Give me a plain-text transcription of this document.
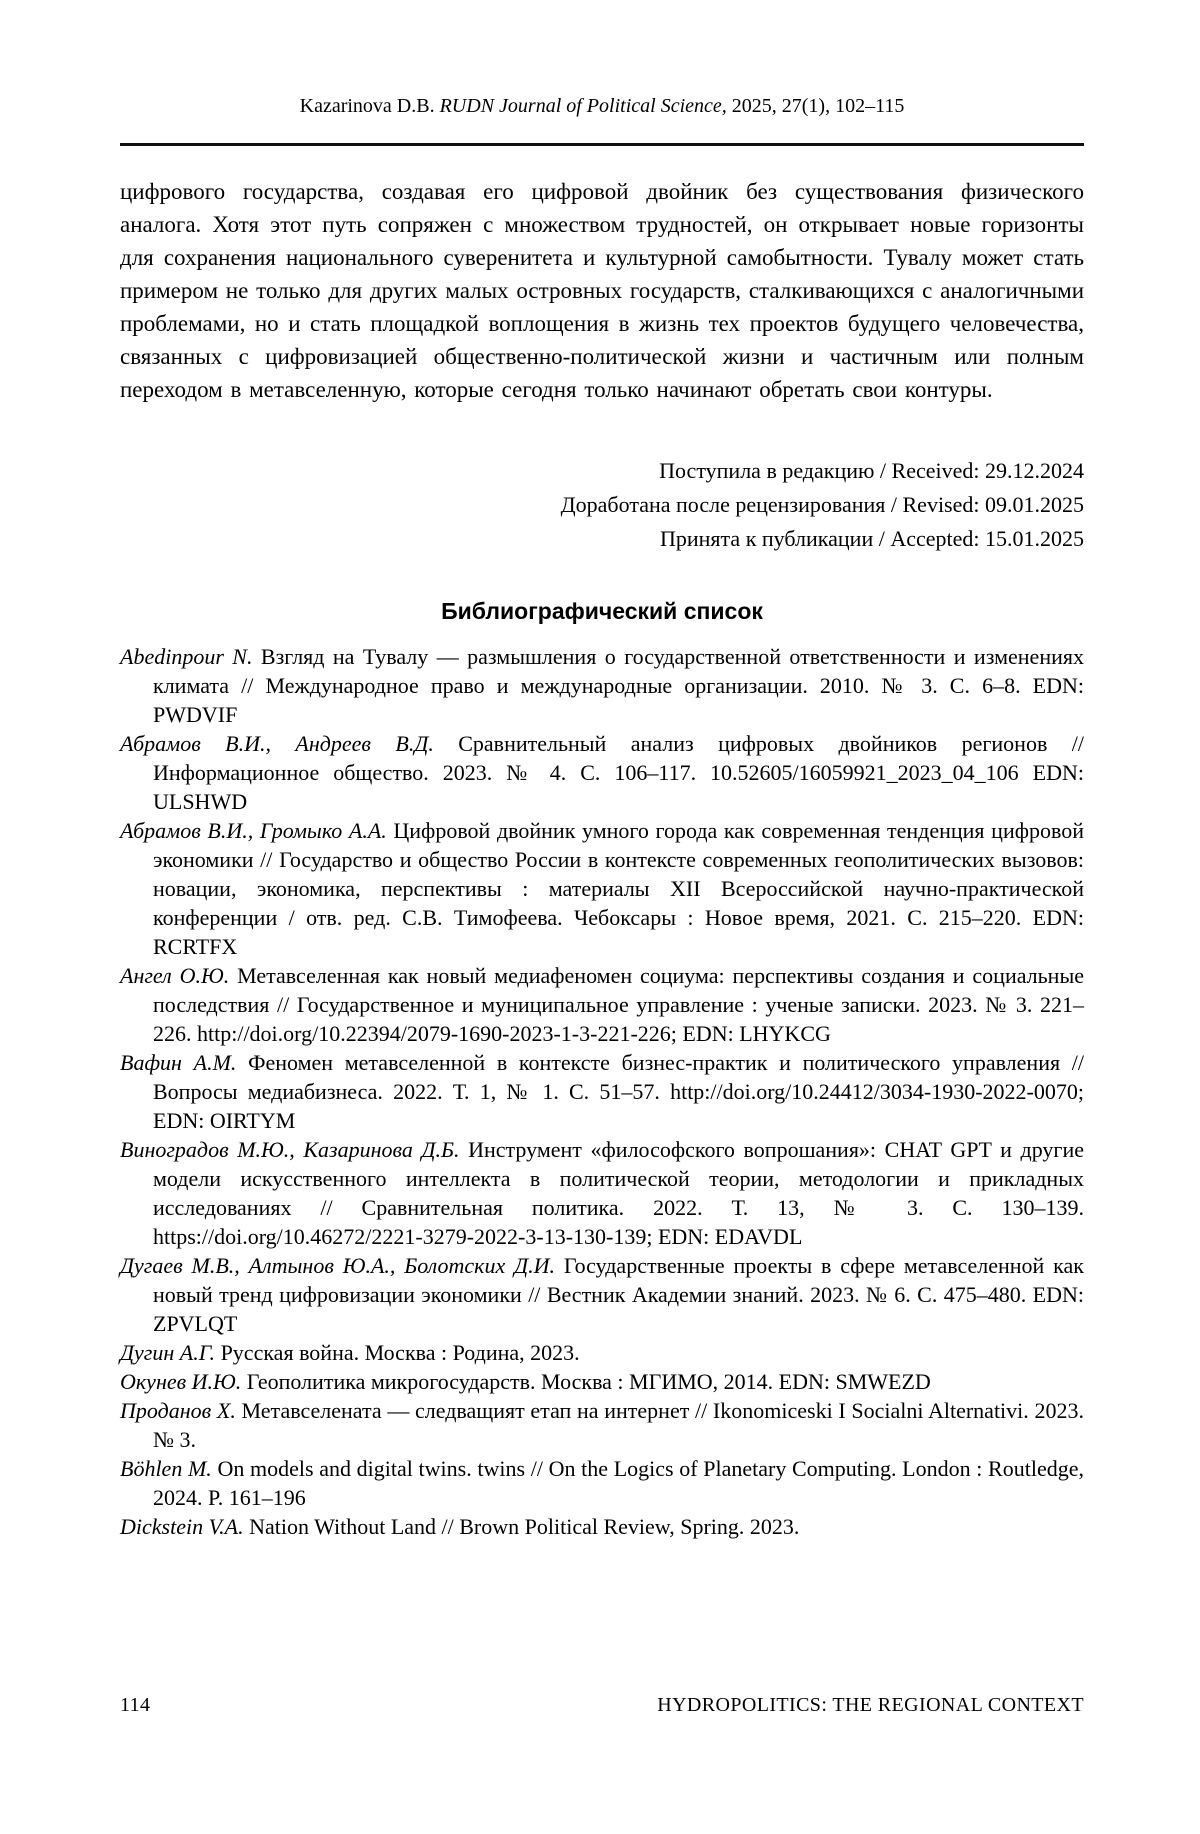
Kazarinova D.B. RUDN Journal of Political Science, 2025, 27(1), 102–115

цифрового государства, создавая его цифровой двойник без существования физического аналога. Хотя этот путь сопряжен с множеством трудностей, он открывает новые горизонты для сохранения национального суверенитета и культурной самобытности. Тувалу может стать примером не только для других малых островных государств, сталкивающихся с аналогичными проблемами, но и стать площадкой воплощения в жизнь тех проектов будущего человечества, связанных с цифровизацией общественно-политической жизни и частичным или полным переходом в метавселенную, которые сегодня только начинают обретать свои контуры.

Поступила в редакцию / Received: 29.12.2024
Доработана после рецензирования / Revised: 09.01.2025
Принята к публикации / Accepted: 15.01.2025
Библиографический список
Abedinpour N. Взгляд на Тувалу — размышления о государственной ответственности и изменениях климата // Международное право и международные организации. 2010. № 3. С. 6–8. EDN: PWDVIF
Абрамов В.И., Андреев В.Д. Сравнительный анализ цифровых двойников регионов // Информационное общество. 2023. № 4. С. 106–117. 10.52605/16059921_2023_04_106 EDN: ULSHWD
Абрамов В.И., Громыко А.А. Цифровой двойник умного города как современная тенденция цифровой экономики // Государство и общество России в контексте современных геополитических вызовов: новации, экономика, перспективы : материалы XII Всероссийской научно-практической конференции / отв. ред. С.В. Тимофеева. Чебоксары : Новое время, 2021. С. 215–220. EDN: RCRTFX
Ангел О.Ю. Метавселенная как новый медиафеномен социума: перспективы создания и социальные последствия // Государственное и муниципальное управление : ученые записки. 2023. № 3. 221–226. http://doi.org/10.22394/2079-1690-2023-1-3-221-226; EDN: LHYKCG
Вафин А.М. Феномен метавселенной в контексте бизнес-практик и политического управления // Вопросы медиабизнеса. 2022. Т. 1, № 1. С. 51–57. http://doi.org/10.24412/3034-1930-2022-0070; EDN: OIRTYM
Виноградов М.Ю., Казаринова Д.Б. Инструмент «философского вопрошания»: CHAT GPT и другие модели искусственного интеллекта в политической теории, методологии и прикладных исследованиях // Сравнительная политика. 2022. Т. 13, № 3. С. 130–139. https://doi.org/10.46272/2221-3279-2022-3-13-130-139; EDN: EDAVDL
Дугаев М.В., Алтынов Ю.А., Болотских Д.И. Государственные проекты в сфере метавселенной как новый тренд цифровизации экономики // Вестник Академии знаний. 2023. № 6. С. 475–480. EDN: ZPVLQT
Дугин А.Г. Русская война. Москва : Родина, 2023.
Окунев И.Ю. Геополитика микрогосударств. Москва : МГИМО, 2014. EDN: SMWEZD
Проданов Х. Метавселената — следващият етап на интернет // Ikonomiceski I Socialni Alternativi. 2023. № 3.
Böhlen M. On models and digital twins. twins // On the Logics of Planetary Computing. London : Routledge, 2024. P. 161–196
Dickstein V.A. Nation Without Land // Brown Political Review, Spring. 2023.
114	HYDROPOLITICS: THE REGIONAL CONTEXT
